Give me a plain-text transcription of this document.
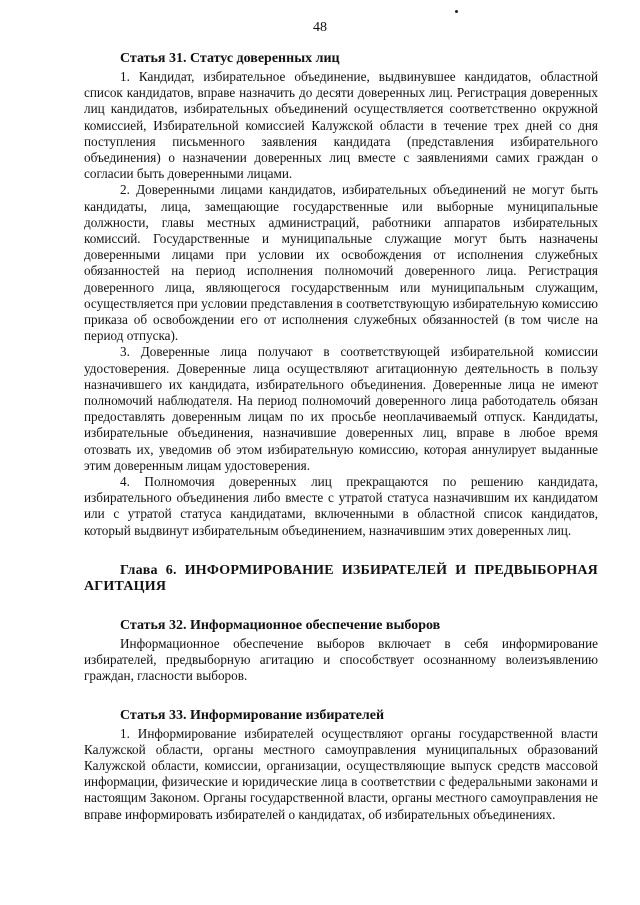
48

Статья 31. Статус доверенных лиц

1. Кандидат, избирательное объединение, выдвинувшее кандидатов, областной список кандидатов, вправе назначить до десяти доверенных лиц. Регистрация доверенных лиц кандидатов, избирательных объединений осуществляется соответственно окружной комиссией, Избирательной комиссией Калужской области в течение трех дней со дня поступления письменного заявления кандидата (представления избирательного объединения) о назначении доверенных лиц вместе с заявлениями самих граждан о согласии быть доверенными лицами.

2. Доверенными лицами кандидатов, избирательных объединений не могут быть кандидаты, лица, замещающие государственные или выборные муниципальные должности, главы местных администраций, работники аппаратов избирательных комиссий. Государственные и муниципальные служащие могут быть назначены доверенными лицами при условии их освобождения от исполнения служебных обязанностей на период исполнения полномочий доверенного лица. Регистрация доверенного лица, являющегося государственным или муниципальным служащим, осуществляется при условии представления в соответствующую избирательную комиссию приказа об освобождении его от исполнения служебных обязанностей (в том числе на период отпуска).

3. Доверенные лица получают в соответствующей избирательной комиссии удостоверения. Доверенные лица осуществляют агитационную деятельность в пользу назначившего их кандидата, избирательного объединения. Доверенные лица не имеют полномочий наблюдателя. На период полномочий доверенного лица работодатель обязан предоставлять доверенным лицам по их просьбе неоплачиваемый отпуск. Кандидаты, избирательные объединения, назначившие доверенных лиц, вправе в любое время отозвать их, уведомив об этом избирательную комиссию, которая аннулирует выданные этим доверенным лицам удостоверения.

4. Полномочия доверенных лиц прекращаются по решению кандидата, избирательного объединения либо вместе с утратой статуса назначившим их кандидатом или с утратой статуса кандидатами, включенными в областной список кандидатов, который выдвинут избирательным объединением, назначившим этих доверенных лиц.

Глава 6. ИНФОРМИРОВАНИЕ ИЗБИРАТЕЛЕЙ И ПРЕДВЫБОРНАЯ АГИТАЦИЯ

Статья 32. Информационное обеспечение выборов

Информационное обеспечение выборов включает в себя информирование избирателей, предвыборную агитацию и способствует осознанному волеизъявлению граждан, гласности выборов.

Статья 33. Информирование избирателей

1. Информирование избирателей осуществляют органы государственной власти Калужской области, органы местного самоуправления муниципальных образований Калужской области, комиссии, организации, осуществляющие выпуск средств массовой информации, физические и юридические лица в соответствии с федеральными законами и настоящим Законом. Органы государственной власти, органы местного самоуправления не вправе информировать избирателей о кандидатах, об избирательных объединениях.
